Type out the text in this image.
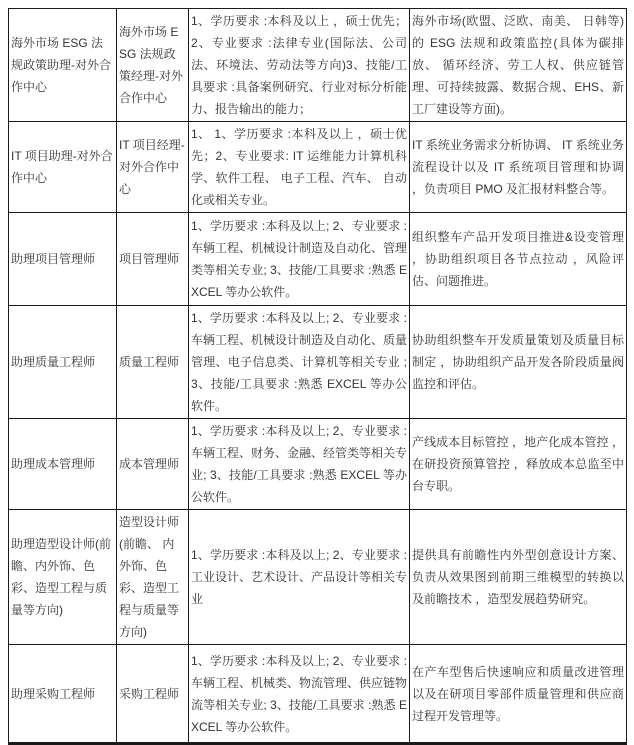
海外市场 ESG 法规政策助理-对外合作中心	海外市场 ESG 法规政策经理-对外合作中心	1、学历要求 :本科及以上 ，硕士优先； 2、专业要求 :法律专业(国际法、公司法、环境法、劳动法等方向)3、技能/工具要求 :具备案例研究、行业对标分析能力、报告输出的能力；	海外市场(欧盟、泛欧、南美、 日韩等)的 ESG 法规和政策监控(具体为碳排放、 循环经济、劳工人权、供应链管理、可持续披露、数据合规、EHS、新工厂建设等方面)。
IT 项目助理-对外合作中心	IT 项目经理-对外合作中心	1、 1、学历要求 :本科及以上 ，硕士优先；2、专业要求: IT 运维能力计算机科学、软件工程、 电子工程、汽车、 自动化或相关专业。	IT 系统业务需求分析协调、 IT 系统业务流程设计以及 IT 系统项目管理和协调 ，负责项目 PMO 及汇报材料整合等。
助理项目管理师	项目管理师	1、学历要求 :本科及以上; 2、专业要求 :车辆工程、机械设计制造及自动化、管理类等相关专业; 3、技能/工具要求 :熟悉 EXCEL 等办公软件。	组织整车产品开发项目推进&设变管理 ，协助组织项目各节点拉动 ，风险评估、问题推进。
助理质量工程师	质量工程师	1、学历要求 :本科及以上; 2、专业要求 :车辆工程、机械设计制造及自动化、质量管理、电子信息类、计算机等相关专业 ;3、技能/工具要求 :熟悉 EXCEL 等办公软件。	协助组织整车开发质量策划及质量目标制定 ，协助组织产品开发各阶段质量阀监控和评估。
助理成本管理师	成本管理师	1、学历要求 :本科及以上; 2、专业要求 :车辆工程、财务、金融、经管类等相关专业; 3、技能/工具要求 :熟悉 EXCEL 等办公软件。	产线成本目标管控 ，地产化成本管控 ，在研投资预算管控 ，释放成本总监至中台专职。
助理造型设计师(前瞻、内外饰、色彩、造型工程与质量等方向)	造型设计师(前瞻、 内外饰、色彩、造型工程与质量等方向)	1、学历要求 :本科及以上; 2、专业要求 :工业设计、艺术设计、产品设计等相关专业	提供具有前瞻性内外型创意设计方案、负责从效果图到前期三维模型的转换以及前瞻技术 ，造型发展趋势研究。
助理采购工程师	采购工程师	1、学历要求 :本科及以上; 2、专业要求 :车辆工程、机械类、物流管理、供应链物流等相关专业; 3、技能/工具要求 :熟悉 EXCEL 等办公软件。	在产车型售后快速响应和质量改进管理以及在研项目零部件质量管理和供应商过程开发管理等。
